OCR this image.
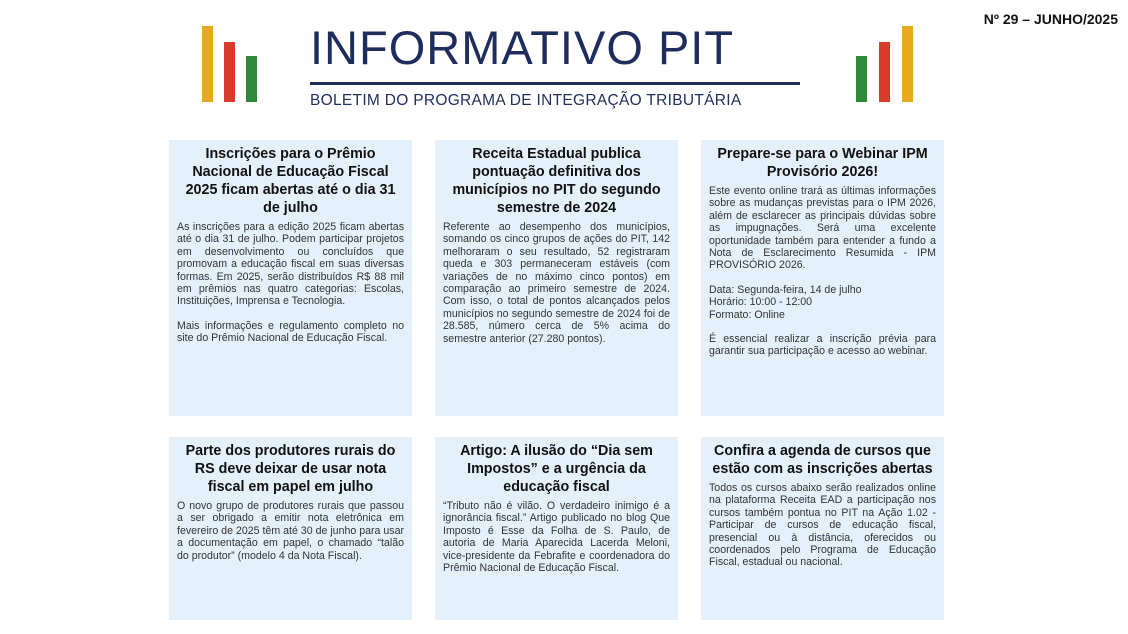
Nº 29 – JUNHO/2025
INFORMATIVO PIT
BOLETIM DO PROGRAMA DE INTEGRAÇÃO TRIBUTÁRIA
Inscrições para o Prêmio Nacional de Educação Fiscal 2025 ficam abertas até o dia 31 de julho

As inscrições para a edição 2025 ficam abertas até o dia 31 de julho. Podem participar projetos em desenvolvimento ou concluídos que promovam a educação fiscal em suas diversas formas. Em 2025, serão distribuídos R$ 88 mil em prêmios nas quatro categorias: Escolas, Instituições, Imprensa e Tecnologia.

Mais informações e regulamento completo no site do Prêmio Nacional de Educação Fiscal.

Receita Estadual publica pontuação definitiva dos municípios no PIT do segundo semestre de 2024

Referente ao desempenho dos municípios, somando os cinco grupos de ações do PIT, 142 melhoraram o seu resultado, 52 registraram queda e 303 permaneceram estáveis (com variações de no máximo cinco pontos) em comparação ao primeiro semestre de 2024. Com isso, o total de pontos alcançados pelos municípios no segundo semestre de 2024 foi de 28.585, número cerca de 5% acima do semestre anterior (27.280 pontos).

Prepare-se para o Webinar IPM Provisório 2026!

Este evento online trará as últimas informações sobre as mudanças previstas para o IPM 2026, além de esclarecer as principais dúvidas sobre as impugnações. Será uma excelente oportunidade também para entender a fundo a Nota de Esclarecimento Resumida - IPM PROVISÓRIO 2026.

Data: Segunda-feira, 14 de julho

Horário: 10:00 - 12:00

Formato: Online

É essencial realizar a inscrição prévia para garantir sua participação e acesso ao webinar.

Parte dos produtores rurais do RS deve deixar de usar nota fiscal em papel em julho

O novo grupo de produtores rurais que passou a ser obrigado a emitir nota eletrônica em fevereiro de 2025 têm até 30 de junho para usar a documentação em papel, o chamado “talão do produtor” (modelo 4 da Nota Fiscal).

Artigo: A ilusão do “Dia sem Impostos” e a urgência da educação fiscal

“Tributo não é vilão. O verdadeiro inimigo é a ignorância fiscal.” Artigo publicado no blog Que Imposto é Esse da Folha de S. Paulo, de autoria de Maria Aparecida Lacerda Meloni, vice-presidente da Febrafite e coordenadora do Prêmio Nacional de Educação Fiscal.

Confira a agenda de cursos que estão com as inscrições abertas

Todos os cursos abaixo serão realizados online na plataforma Receita EAD a participação nos cursos também pontua no PIT na Ação 1.02 - Participar de cursos de educação fiscal, presencial ou à distância, oferecidos ou coordenados pelo Programa de Educação Fiscal, estadual ou nacional.
